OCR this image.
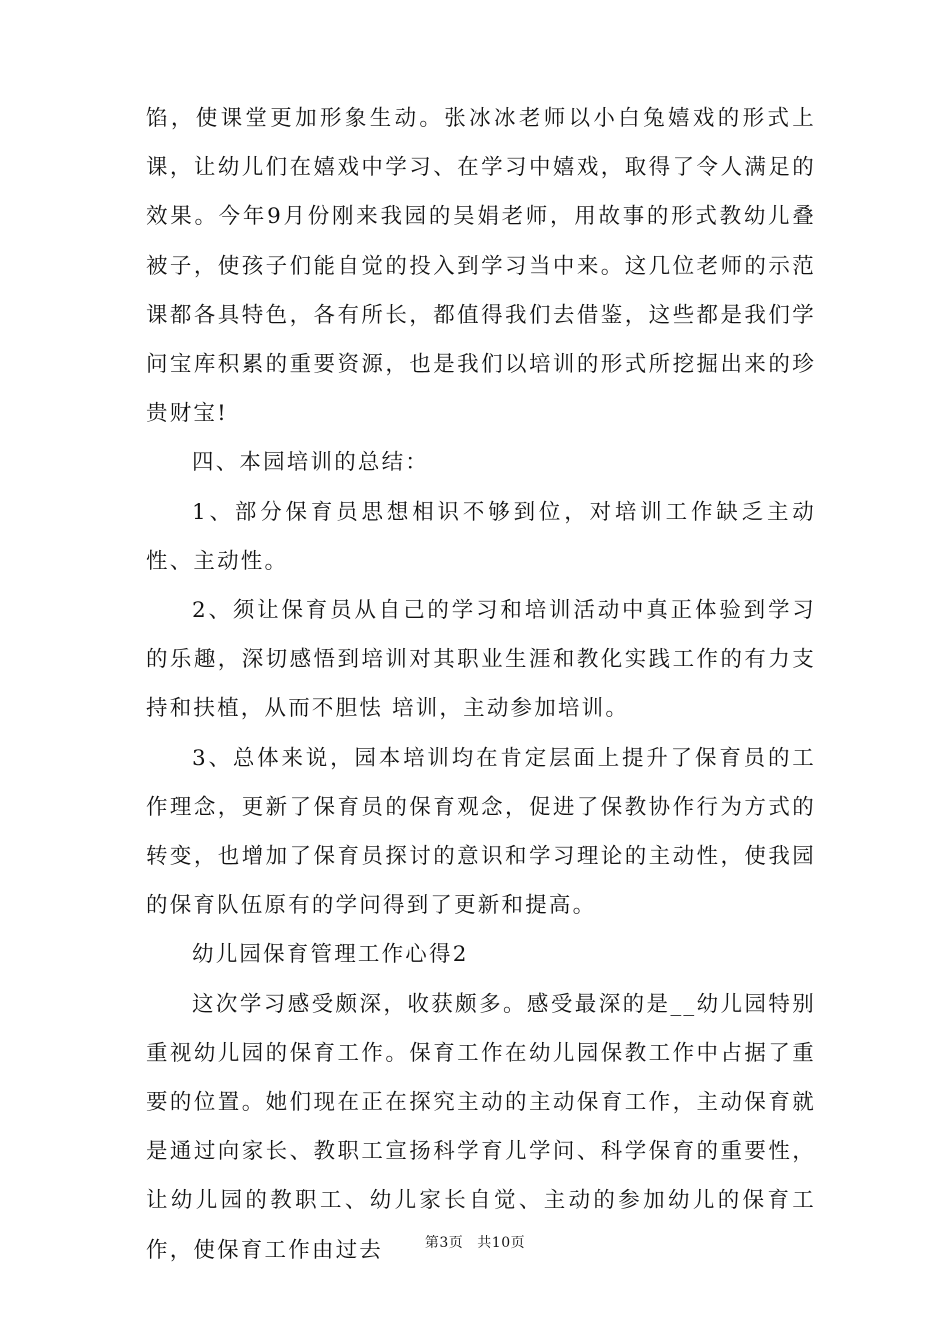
馅，使课堂更加形象生动。张冰冰老师以小白兔嬉戏的形式上课，让幼儿们在嬉戏中学习、在学习中嬉戏，取得了令人满足的效果。今年9月份刚来我园的吴娟老师，用故事的形式教幼儿叠被子，使孩子们能自觉的投入到学习当中来。这几位老师的示范课都各具特色，各有所长，都值得我们去借鉴，这些都是我们学问宝库积累的重要资源，也是我们以培训的形式所挖掘出来的珍贵财宝!

四、本园培训的总结：

1、部分保育员思想相识不够到位，对培训工作缺乏主动性、主动性。

2、须让保育员从自己的学习和培训活动中真正体验到学习的乐趣，深切感悟到培训对其职业生涯和教化实践工作的有力支持和扶植，从而不胆怯 培训，主动参加培训。

3、总体来说，园本培训均在肯定层面上提升了保育员的工作理念，更新了保育员的保育观念，促进了保教协作行为方式的转变，也增加了保育员探讨的意识和学习理论的主动性，使我园的保育队伍原有的学问得到了更新和提高。

幼儿园保育管理工作心得2

这次学习感受颇深，收获颇多。感受最深的是__幼儿园特别重视幼儿园的保育工作。保育工作在幼儿园保教工作中占据了重要的位置。她们现在正在探究主动的主动保育工作，主动保育就是通过向家长、教职工宣扬科学育儿学问、科学保育的重要性，让幼儿园的教职工、幼儿家长自觉、主动的参加幼儿的保育工作，使保育工作由过去	第3页 共10页
